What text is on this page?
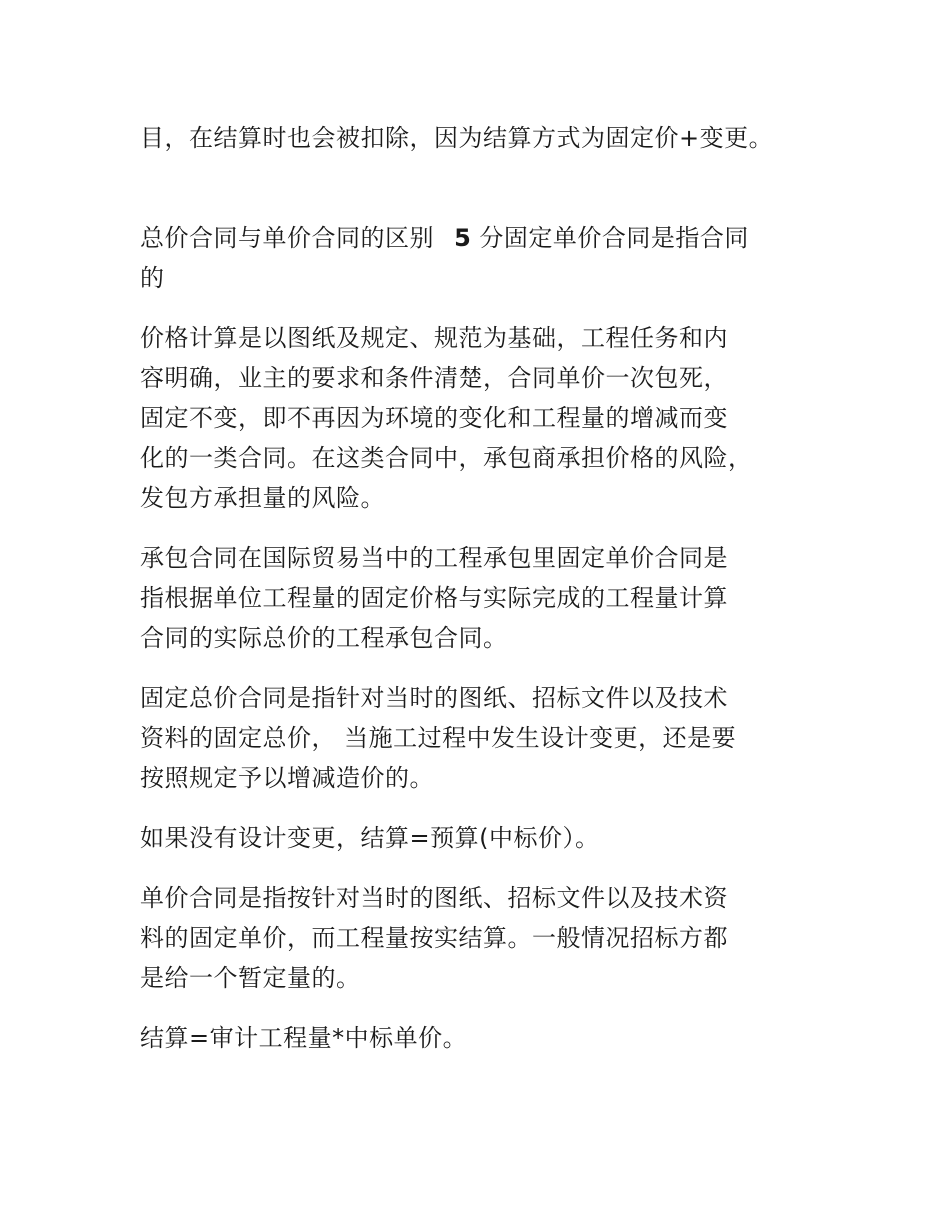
目，在结算时也会被扣除，因为结算方式为固定价+变更。
总价合同与单价合同的区别 5 分固定单价合同是指合同
的
价格计算是以图纸及规定、规范为基础，工程任务和内
容明确，业主的要求和条件清楚，合同单价一次包死，
固定不变，即不再因为环境的变化和工程量的增减而变
化的一类合同。在这类合同中，承包商承担价格的风险，
发包方承担量的风险。
承包合同在国际贸易当中的工程承包里固定单价合同是
指根据单位工程量的固定价格与实际完成的工程量计算
合同的实际总价的工程承包合同。
固定总价合同是指针对当时的图纸、招标文件以及技术
资料的固定总价， 当施工过程中发生设计变更，还是要
按照规定予以增减造价的。
如果没有设计变更，结算=预算(中标价）。
单价合同是指按针对当时的图纸、招标文件以及技术资
料的固定单价，而工程量按实结算。一般情况招标方都
是给一个暂定量的。
结算=审计工程量*中标单价。
